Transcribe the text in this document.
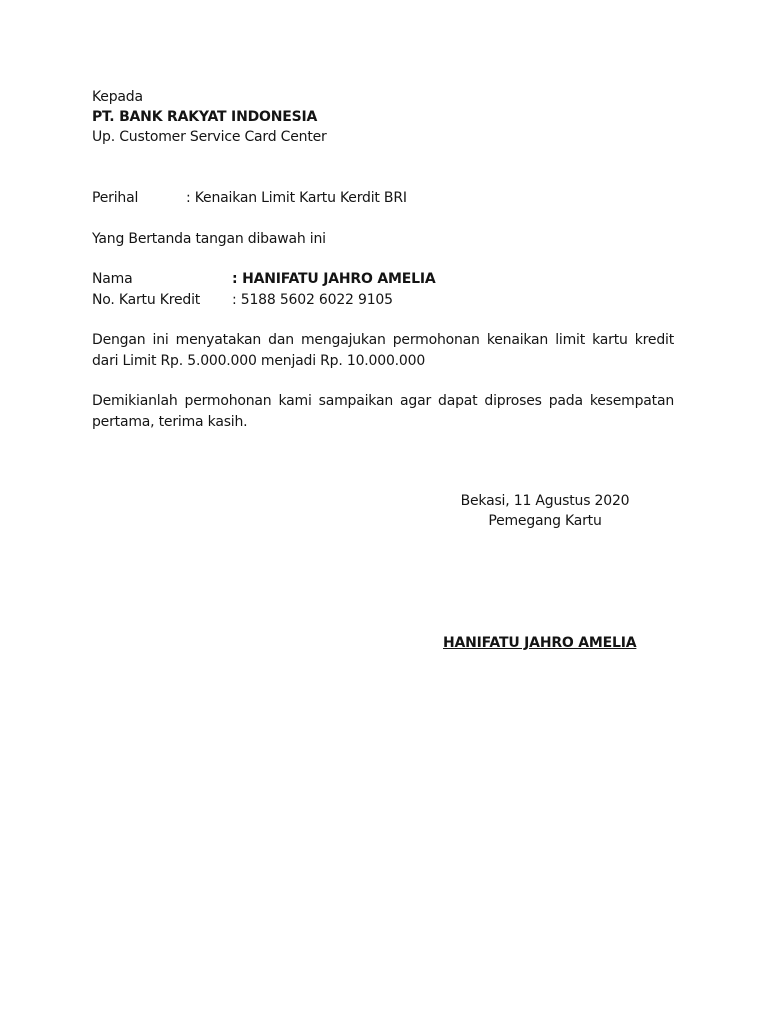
Kepada
PT. BANK RAKYAT INDONESIA
Up. Customer Service Card Center
Perihal	: Kenaikan Limit Kartu Kerdit BRI
Yang Bertanda tangan dibawah ini
Nama	: HANIFATU JAHRO AMELIA
No. Kartu Kredit : 5188 5602 6022 9105
Dengan ini menyatakan dan mengajukan permohonan kenaikan limit kartu kredit
dari Limit Rp. 5.000.000 menjadi Rp. 10.000.000
Demikianlah permohonan kami sampaikan agar dapat diproses pada kesempatan
pertama, terima kasih.
Bekasi, 11 Agustus 2020
Pemegang Kartu
HANIFATU JAHRO AMELIA
